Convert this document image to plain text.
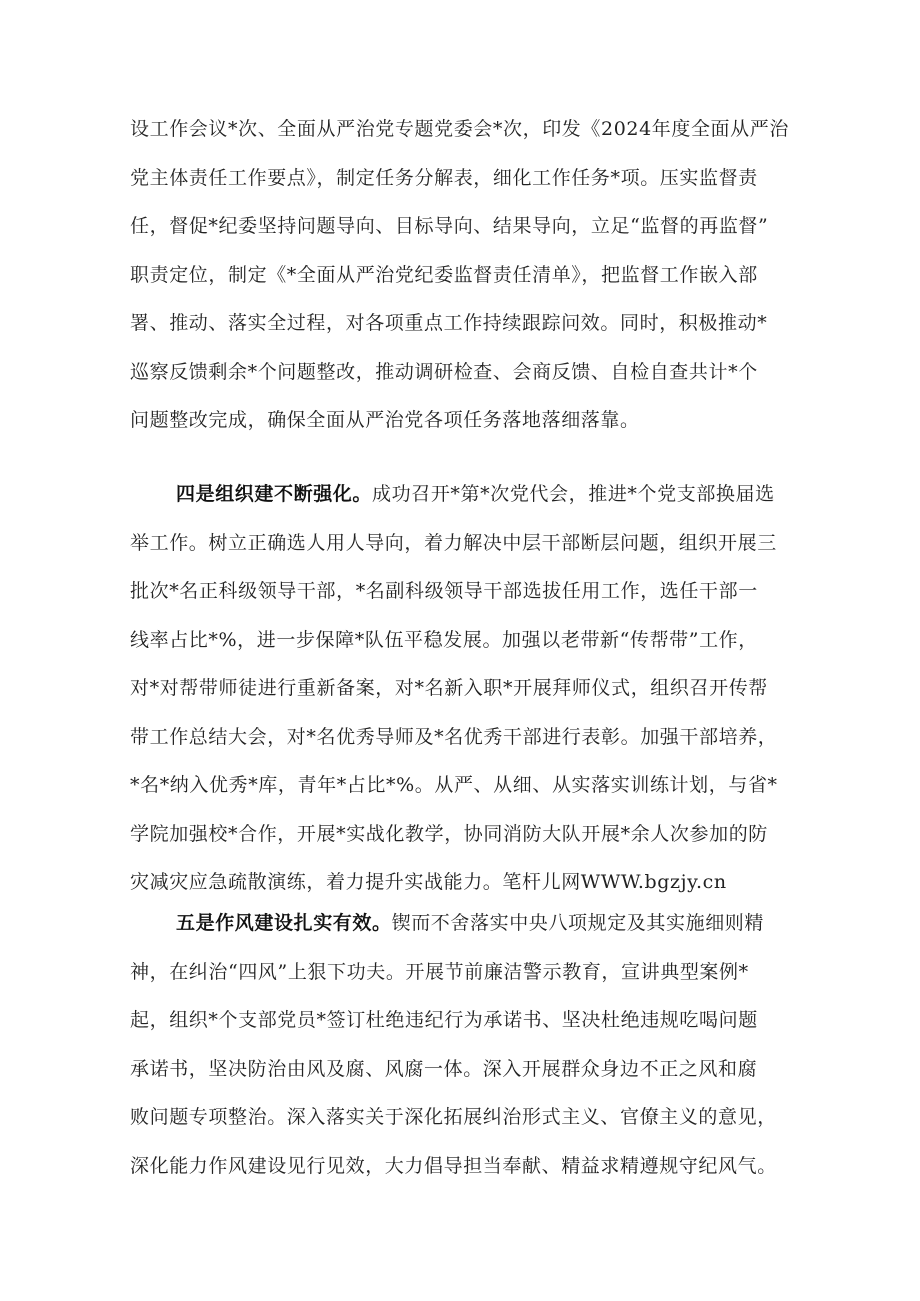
设工作会议*次、全面从严治党专题党委会*次，印发《2024年度全面从严治
党主体责任工作要点》，制定任务分解表，细化工作任务*项。压实监督责
任，督促*纪委坚持问题导向、目标导向、结果导向，立足“监督的再监督”
职责定位，制定《*全面从严治党纪委监督责任清单》，把监督工作嵌入部
署、推动、落实全过程，对各项重点工作持续跟踪问效。同时，积极推动*
巡察反馈剩余*个问题整改，推动调研检查、会商反馈、自检自查共计*个
问题整改完成，确保全面从严治党各项任务落地落细落靠。
四是组织建不断强化。成功召开*第*次党代会，推进*个党支部换届选
举工作。树立正确选人用人导向，着力解决中层干部断层问题，组织开展三
批次*名正科级领导干部，*名副科级领导干部选拔任用工作，选任干部一
线率占比*%，进一步保障*队伍平稳发展。加强以老带新“传帮带”工作，
对*对帮带师徒进行重新备案，对*名新入职*开展拜师仪式，组织召开传帮
带工作总结大会，对*名优秀导师及*名优秀干部进行表彰。加强干部培养，
*名*纳入优秀*库，青年*占比*%。从严、从细、从实落实训练计划，与省*
学院加强校*合作，开展*实战化教学，协同消防大队开展*余人次参加的防
灾减灾应急疏散演练，着力提升实战能力。笔杆儿网WWW.bgzjy.cn
五是作风建设扎实有效。锲而不舍落实中央八项规定及其实施细则精
神，在纠治“四风”上狠下功夫。开展节前廉洁警示教育，宣讲典型案例*
起，组织*个支部党员*签订杜绝违纪行为承诺书、坚决杜绝违规吃喝问题
承诺书，坚决防治由风及腐、风腐一体。深入开展群众身边不正之风和腐
败问题专项整治。深入落实关于深化拓展纠治形式主义、官僚主义的意见，
深化能力作风建设见行见效，大力倡导担当奉献、精益求精遵规守纪风气。
